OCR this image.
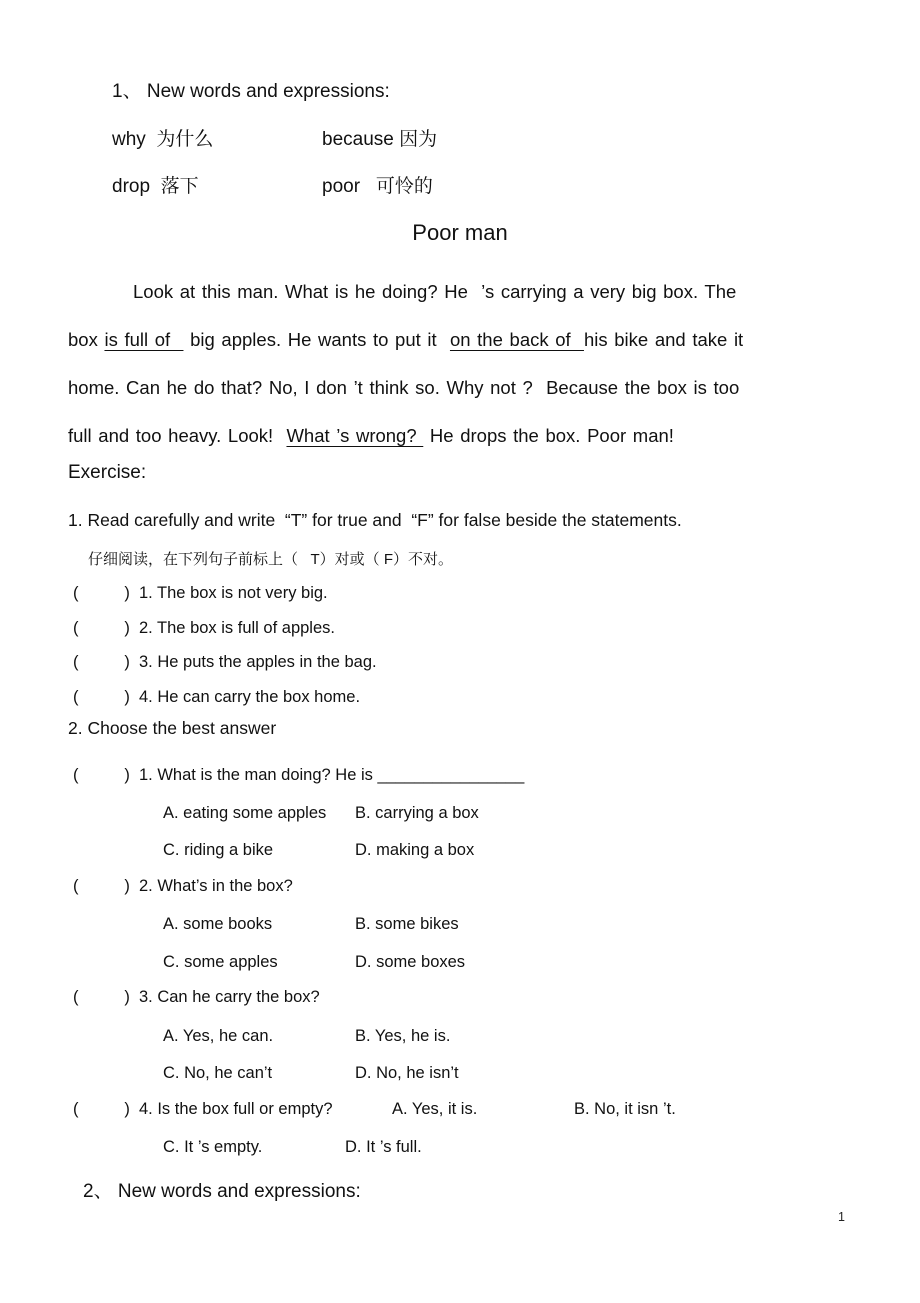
1、 New words and expressions:
why  为什么	because 因为
drop  落下	poor   可怜的
Poor man
Look at this man. What is he doing? He  ’s carrying a very big box. The
box is full of   big apples. He wants to put it  on the back of  his bike and take it
home. Can he do that? No, I don ’t think so. Why not ?  Because the box is too
full and too heavy. Look!  What ’s wrong?  He drops the box. Poor man!
Exercise:
1. Read carefully and write  “T” for true and  “F” for false beside the statements.
仔细阅读，在下列句子前标上（   T）对或（ F）不对。
(          )  1. The box is not very big.
(          )  2. The box is full of apples.
(          )  3. He puts the apples in the bag.
(          )  4. He can carry the box home.
2. Choose the best answer
(          )  1. What is the man doing? He is ________________
A. eating some apples B. carrying a box
C. riding a bike	D. making a box
(          )  2. What’s in the box?
A. some books	B. some bikes
C. some apples	D. some boxes
(          )  3. Can he carry the box?
A. Yes, he can.	B. Yes, he is.
C. No, he can’t	D. No, he isn’t
(          )  4. Is the box full or empty?	A. Yes, it is.	B. No, it isn ’t.
C. It ’s empty.	D. It ’s full.
2、 New words and expressions:
1
